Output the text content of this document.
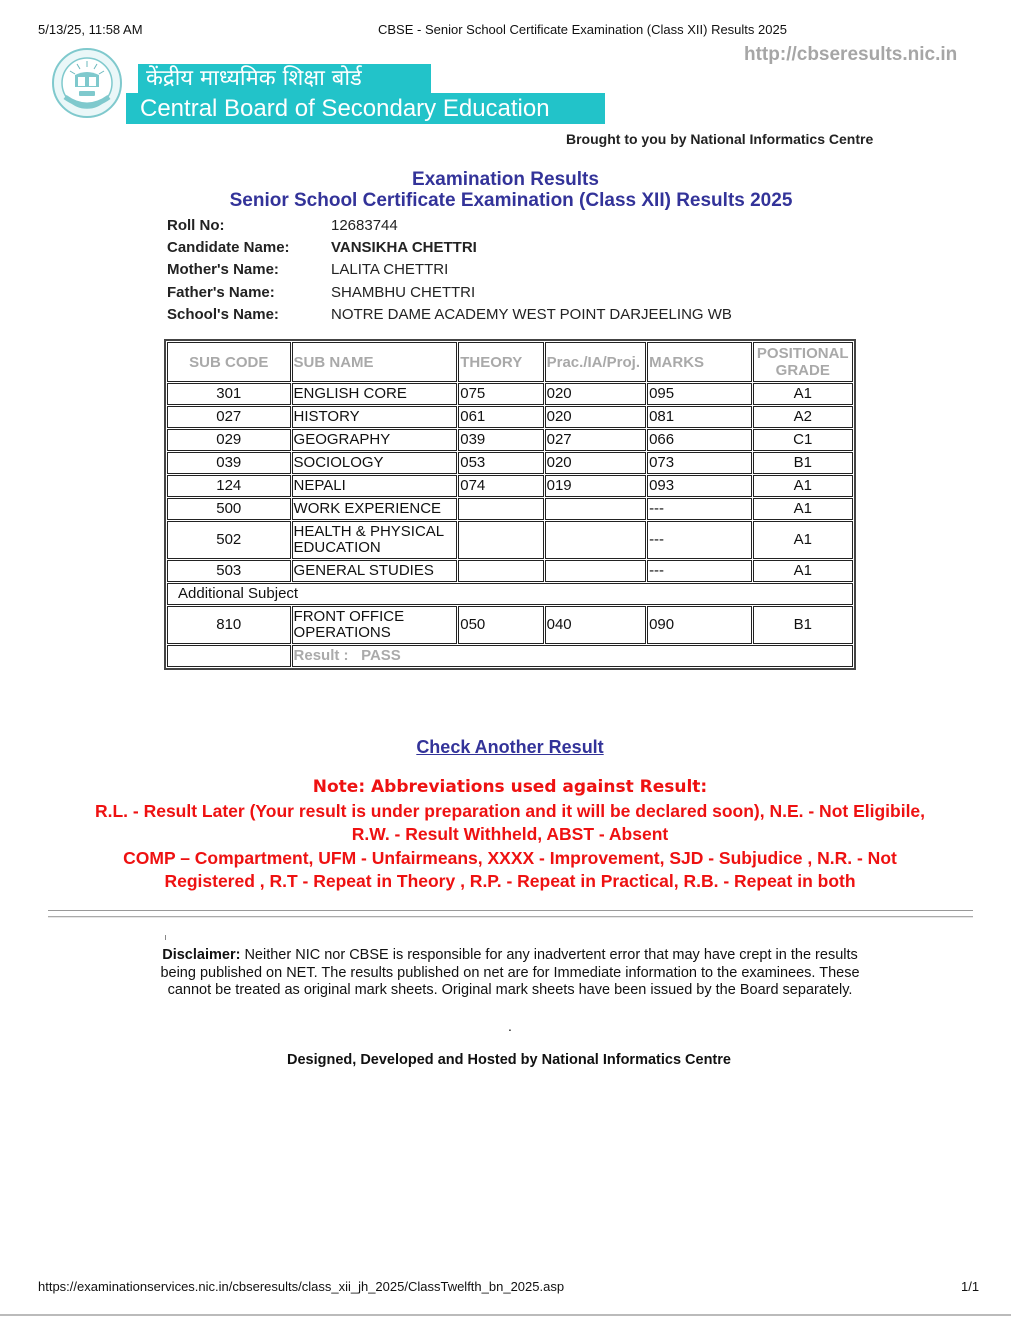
5/13/25, 11:58 AM	CBSE - Senior School Certificate Examination (Class XII) Results 2025
http://cbseresults.nic.in
केंद्रीय माध्यमिक शिक्षा बोर्ड
Central Board of Secondary Education
Brought to you by National Informatics Centre
Examination Results
Senior School Certificate Examination (Class XII) Results 2025
Roll No:	12683744
Candidate Name:	VANSIKHA CHETTRI
Mother's Name:	LALITA CHETTRI
Father's Name:	SHAMBHU CHETTRI
School's Name:	NOTRE DAME ACADEMY WEST POINT DARJEELING WB
SUB CODE	SUB NAME	THEORY	Prac./IA/Proj.	MARKS	POSITIONAL
GRADE
301	ENGLISH CORE	075	020	095	A1
027	HISTORY	061	020	081	A2
029	GEOGRAPHY	039	027	066	C1
039	SOCIOLOGY	053	020	073	B1
124	NEPALI	074	019	093	A1
500	WORK EXPERIENCE			---	A1
502	HEALTH & PHYSICAL
EDUCATION			---	A1
503	GENERAL STUDIES			---	A1
Additional Subject					
810	FRONT OFFICE
OPERATIONS	050	040	090	B1
	Result : PASS				
Check Another Result
Note: Abbreviations used against Result:
R.L. - Result Later (Your result is under preparation and it will be declared soon), N.E. - Not Eligibile,
R.W. - Result Withheld, ABST - Absent
COMP – Compartment, UFM - Unfairmeans, XXXX - Improvement, SJD - Subjudice , N.R. - Not
Registered , R.T - Repeat in Theory , R.P. - Repeat in Practical, R.B. - Repeat in both
Disclaimer: Neither NIC nor CBSE is responsible for any inadvertent error that may have crept in the results being published on NET. The results published on net are for Immediate information to the examinees. These cannot be treated as original mark sheets. Original mark sheets have been issued by the Board separately.
.
Designed, Developed and Hosted by National Informatics Centre
https://examinationservices.nic.in/cbseresults/class_xii_jh_2025/ClassTwelfth_bn_2025.asp	1/1
